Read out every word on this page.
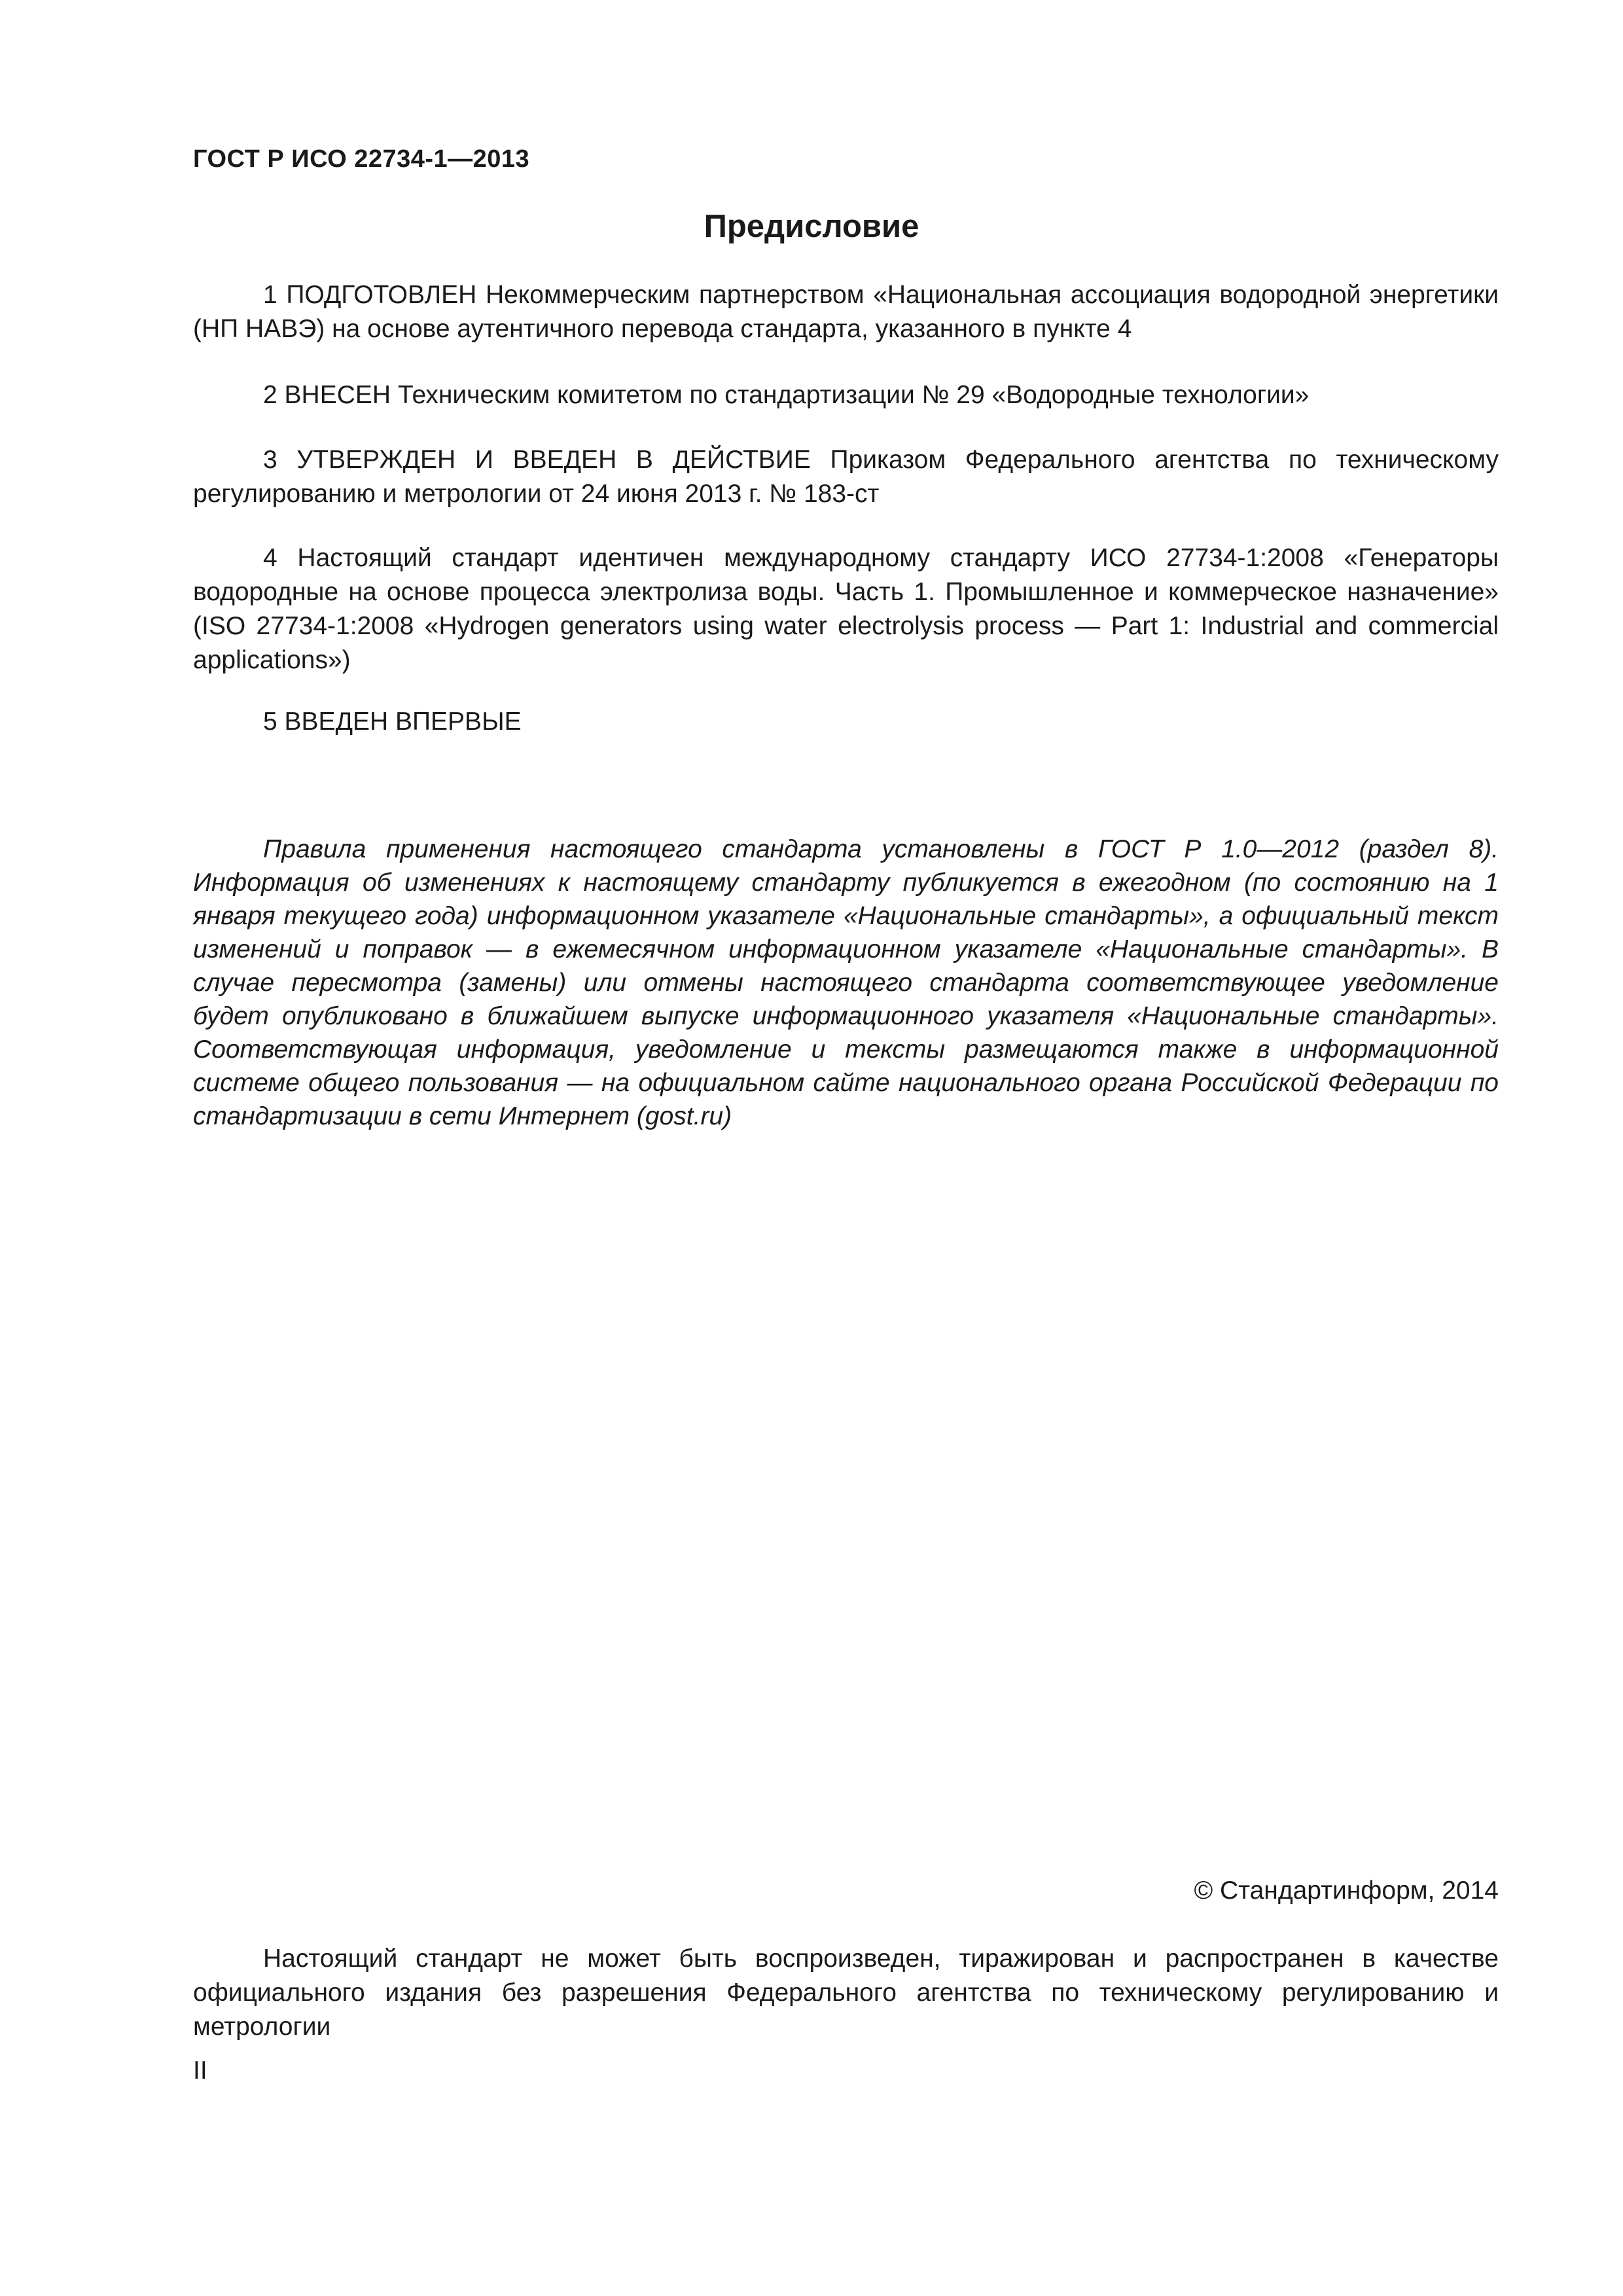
ГОСТ Р ИСО 22734-1—2013

Предисловие

1 ПОДГОТОВЛЕН Некоммерческим партнерством «Национальная ассоциация водородной энергетики (НП НАВЭ) на основе аутентичного перевода стандарта, указанного в пункте 4

2 ВНЕСЕН Техническим комитетом по стандартизации № 29 «Водородные технологии»

3 УТВЕРЖДЕН И ВВЕДЕН В ДЕЙСТВИЕ Приказом Федерального агентства по техническому регулированию и метрологии от 24 июня 2013 г. № 183-ст

4 Настоящий стандарт идентичен международному стандарту ИСО 27734-1:2008 «Генераторы водородные на основе процесса электролиза воды. Часть 1. Промышленное и коммерческое назначение» (ISO 27734-1:2008 «Hydrogen generators using water electrolysis process — Part 1: Industrial and commercial applications»)

5 ВВЕДЕН ВПЕРВЫЕ

Правила применения настоящего стандарта установлены в ГОСТ Р 1.0—2012 (раздел 8). Информация об изменениях к настоящему стандарту публикуется в ежегодном (по состоянию на 1 января текущего года) информационном указателе «Национальные стандарты», а официальный текст изменений и поправок — в ежемесячном информационном указателе «Национальные стандарты». В случае пересмотра (замены) или отмены настоящего стандарта соответствующее уведомление будет опубликовано в ближайшем выпуске информационного указателя «Национальные стандарты». Соответствующая информация, уведомление и тексты размещаются также в информационной системе общего пользования — на официальном сайте национального органа Российской Федерации по стандартизации в сети Интернет (gost.ru)

© Стандартинформ, 2014

Настоящий стандарт не может быть воспроизведен, тиражирован и распространен в качестве официального издания без разрешения Федерального агентства по техническому регулированию и метрологии

II
